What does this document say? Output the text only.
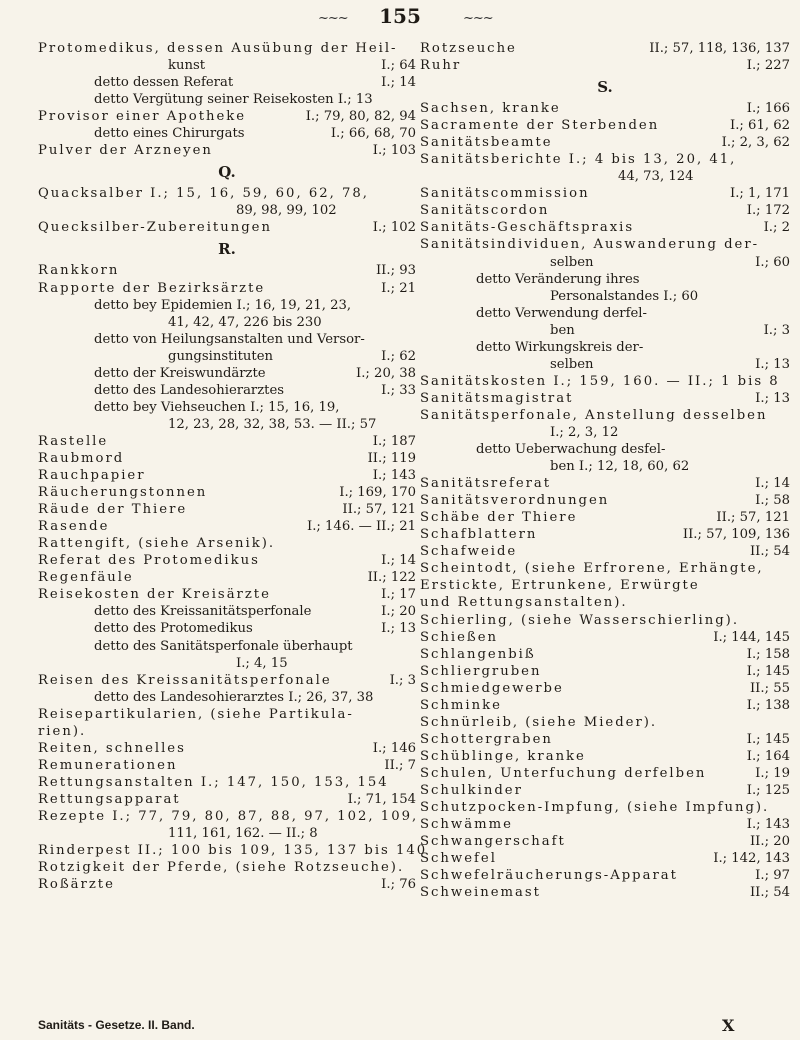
~~~	155	~~~
Protomedikus, dessen Ausübung der Heil-
kunst	I.; 64
detto dessen Referat	I.; 14
detto Vergütung seiner Reisekosten I.; 13
Provisor einer Apotheke	I.; 79, 80, 82, 94
detto eines Chirurgats	I.; 66, 68, 70
Pulver der Arzneyen	I.; 103
Q.
Quacksalber I.; 15, 16, 59, 60, 62, 78,
89, 98, 99, 102
Quecksilber-Zubereitungen	I.; 102
R.
Rankkorn	II.; 93
Rapporte der Bezirksärzte	I.; 21
detto bey Epidemien I.; 16, 19, 21, 23,
41, 42, 47, 226 bis 230
detto von Heilungsanstalten und Versor-
gungsinstituten	I.; 62
detto der Kreiswundärzte	I.; 20, 38
detto des Landesohierarztes	I.; 33
detto bey Viehseuchen I.; 15, 16, 19,
12, 23, 28, 32, 38, 53. — II.; 57
Rastelle	I.; 187
Raubmord	II.; 119
Rauchpapier	I.; 143
Räucherungstonnen	I.; 169, 170
Räude der Thiere	II.; 57, 121
Rasende	I.; 146. — II.; 21
Rattengift, (siehe Arsenik).
Referat des Protomedikus	I.; 14
Regenfäule	II.; 122
Reisekosten der Kreisärzte	I.; 17
detto des Kreissanitätsperfonale	I.; 20
detto des Protomedikus	I.; 13
detto des Sanitätsperfonale überhaupt
I.; 4, 15
Reisen des Kreissanitätsperfonale	I.; 3
detto des Landesohierarztes I.; 26, 37, 38
Reisepartikularien, (siehe Partikula-
rien).
Reiten, schnelles	I.; 146
Remunerationen	II.; 7
Rettungsanstalten I.; 147, 150, 153, 154
Rettungsapparat	I.; 71, 154
Rezepte I.; 77, 79, 80, 87, 88, 97, 102, 109,
111, 161, 162. — II.; 8
Rinderpest II.; 100 bis 109, 135, 137 bis 140
Rotzigkeit der Pferde, (siehe Rotzseuche).
Roßärzte	I.; 76
Rotzseuche	II.; 57, 118, 136, 137
Ruhr	I.; 227
S.
Sachsen, kranke	I.; 166
Sacramente der Sterbenden	I.; 61, 62
Sanitätsbeamte	I.; 2, 3, 62
Sanitätsberichte I.; 4 bis 13, 20, 41,
44, 73, 124
Sanitätscommission	I.; 1, 171
Sanitätscordon	I.; 172
Sanitäts-Geschäftspraxis	I.; 2
Sanitätsindividuen, Auswanderung der-
selben	I.; 60
detto Veränderung ihres
Personalstandes I.; 60
detto Verwendung derfel-
ben	I.; 3
detto Wirkungskreis der-
selben	I.; 13
Sanitätskosten I.; 159, 160. — II.; 1 bis 8
Sanitätsmagistrat	I.; 13
Sanitätsperfonale, Anstellung desselben
I.; 2, 3, 12
detto Ueberwachung desfel-
ben I.; 12, 18, 60, 62
Sanitätsreferat	I.; 14
Sanitätsverordnungen	I.; 58
Schäbe der Thiere	II.; 57, 121
Schafblattern	II.; 57, 109, 136
Schafweide	II.; 54
Scheintodt, (siehe Erfrorene, Erhängte,
Erstickte, Ertrunkene, Erwürgte
und Rettungsanstalten).
Schierling, (siehe Wasserschierling).
Schießen	I.; 144, 145
Schlangenbiß	I.; 158
Schliergruben	I.; 145
Schmiedgewerbe	II.; 55
Schminke	I.; 138
Schnürleib, (siehe Mieder).
Schottergraben	I.; 145
Schüblinge, kranke	I.; 164
Schulen, Unterfuchung derfelben	I.; 19
Schulkinder	I.; 125
Schutzpocken-Impfung, (siehe Impfung).
Schwämme	I.; 143
Schwangerschaft	II.; 20
Schwefel	I.; 142, 143
Schwefelräucherungs-Apparat	I.; 97
Schweinemast	II.; 54
Sanitäts - Gesetze. II. Band.	X
